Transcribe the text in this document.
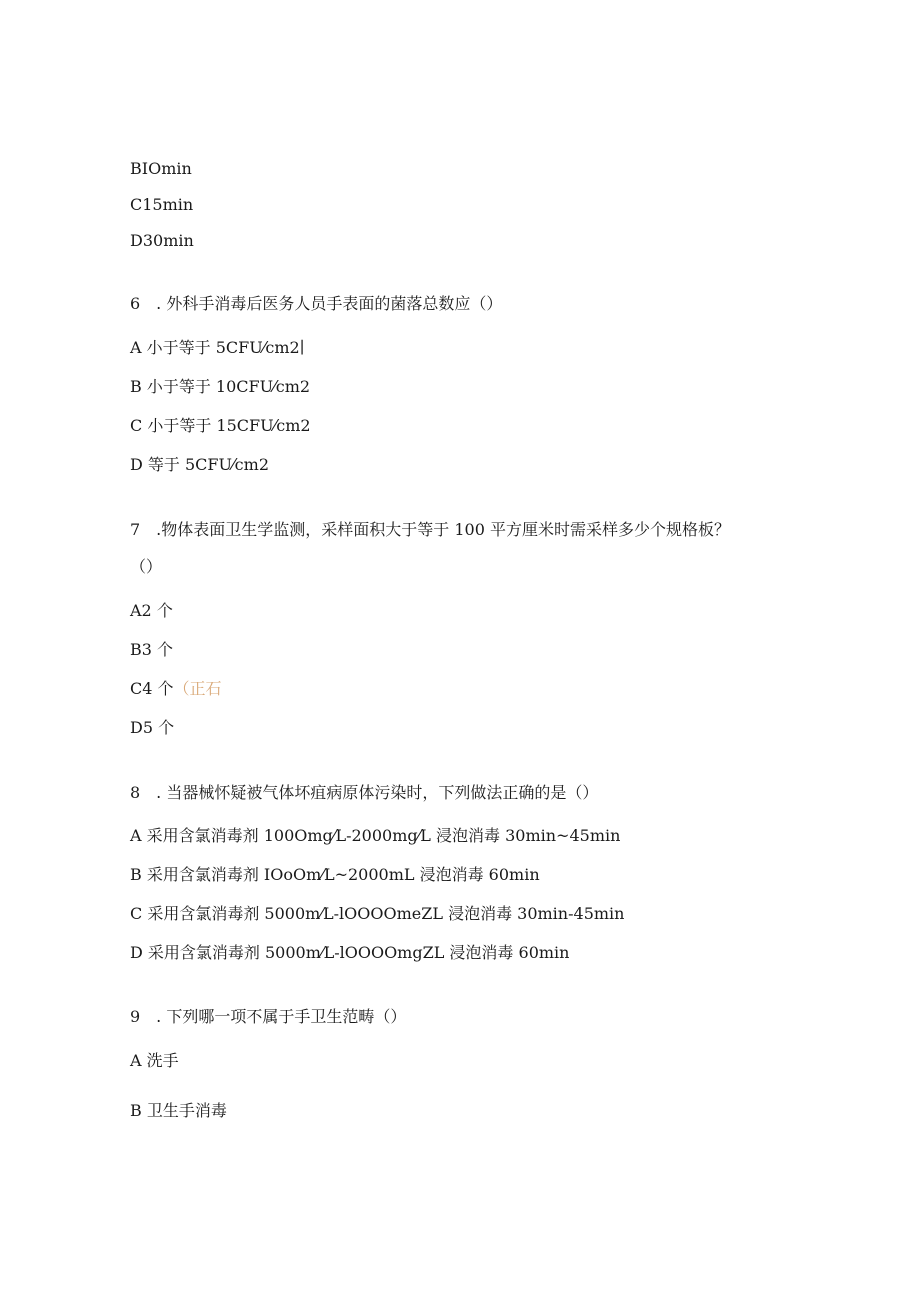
BIOmin
C15min
D30min
6　. 外科手消毒后医务人员手表面的菌落总数应（）
A 小于等于 5CFU⁄cm2∣
B 小于等于 10CFU⁄cm2
C 小于等于 15CFU⁄cm2
D 等于 5CFU⁄cm2
7　.物体表面卫生学监测，采样面积大于等于 100 平方厘米时需采样多少个规格板？
（）
A2 个
B3 个
C4 个（正石
D5 个
8　. 当器械怀疑被气体坏疽病原体污染时，下列做法正确的是（）
A 采用含氯消毒剂 100Omg⁄L-2000mg⁄L 浸泡消毒 30min~45min
B 采用含氯消毒剂 IOoOm⁄L~2000mL 浸泡消毒 60min
C 采用含氯消毒剂 5000m⁄L-lOOOOmeZL 浸泡消毒 30min-45min
D 采用含氯消毒剂 5000m⁄L-lOOOOmgZL 浸泡消毒 60min
9　. 下列哪一项不属于手卫生范畴（）
A 洗手
B 卫生手消毒
